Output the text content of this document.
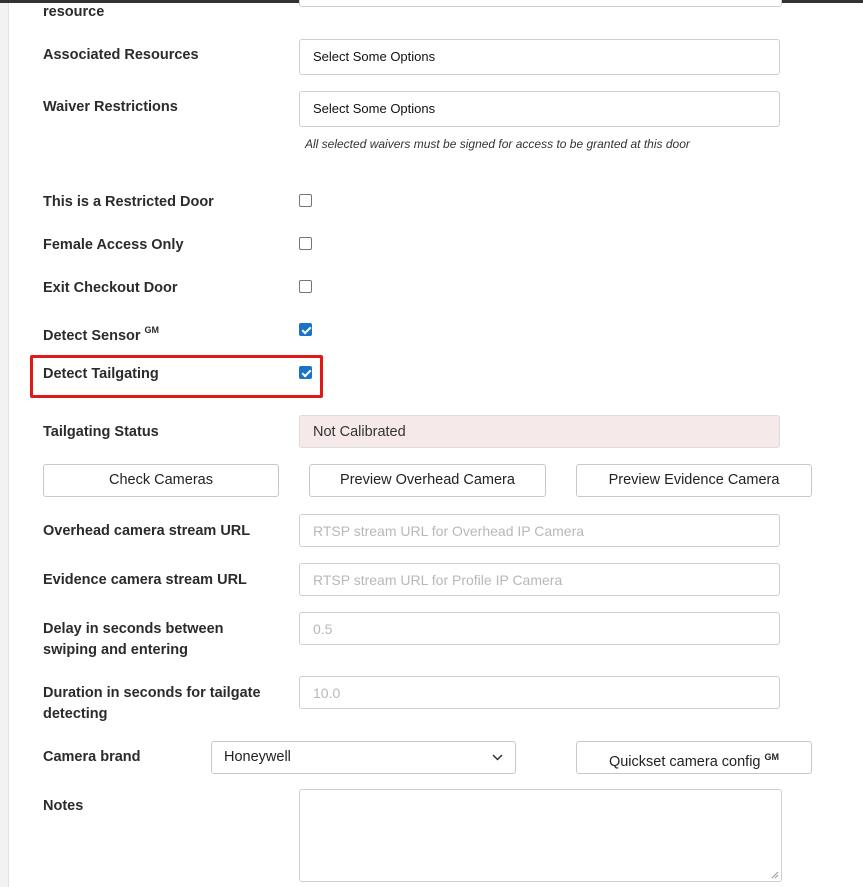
resource
Associated Resources	Select Some Options
Waiver Restrictions	Select Some Options
All selected waivers must be signed for access to be granted at this door
This is a Restricted Door
Female Access Only
Exit Checkout Door
Detect Sensor $^{GM}$
Detect Tailgating
Tailgating Status	Not Calibrated
Check Cameras	Preview Overhead Camera	Preview Evidence Camera
Overhead camera stream URL	RTSP stream URL for Overhead IP Camera
Evidence camera stream URL	RTSP stream URL for Profile IP Camera
Delay in seconds between
swiping and entering
0.5
Duration in seconds for tailgate
detecting
10.0
Camera brand	Honeywell	Quickset camera config $^{GM}$
Notes
